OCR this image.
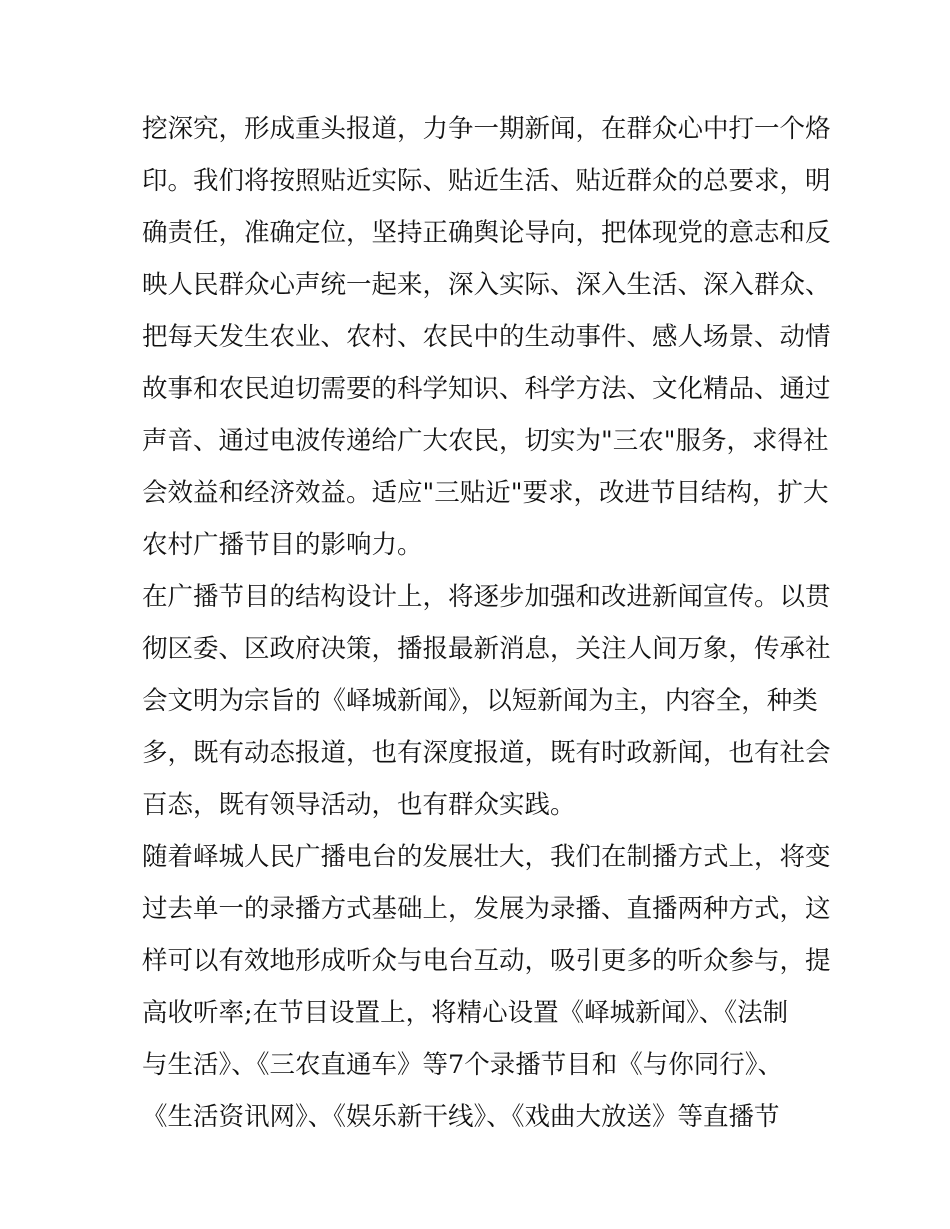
挖深究，形成重头报道，力争一期新闻，在群众心中打一个烙
印。我们将按照贴近实际、贴近生活、贴近群众的总要求，明
确责任，准确定位，坚持正确舆论导向，把体现党的意志和反
映人民群众心声统一起来，深入实际、深入生活、深入群众、
把每天发生农业、农村、农民中的生动事件、感人场景、动情
故事和农民迫切需要的科学知识、科学方法、文化精品、通过
声音、通过电波传递给广大农民，切实为"三农"服务，求得社
会效益和经济效益。适应"三贴近"要求，改进节目结构，扩大
农村广播节目的影响力。
在广播节目的结构设计上，将逐步加强和改进新闻宣传。以贯
彻区委、区政府决策，播报最新消息，关注人间万象，传承社
会文明为宗旨的《峄城新闻》，以短新闻为主，内容全，种类
多，既有动态报道，也有深度报道，既有时政新闻，也有社会
百态，既有领导活动，也有群众实践。
随着峄城人民广播电台的发展壮大，我们在制播方式上，将变
过去单一的录播方式基础上，发展为录播、直播两种方式，这
样可以有效地形成听众与电台互动，吸引更多的听众参与，提
高收听率;在节目设置上，将精心设置《峄城新闻》、《法制
与生活》、《三农直通车》等7个录播节目和《与你同行》、
《生活资讯网》、《娱乐新干线》、《戏曲大放送》等直播节
